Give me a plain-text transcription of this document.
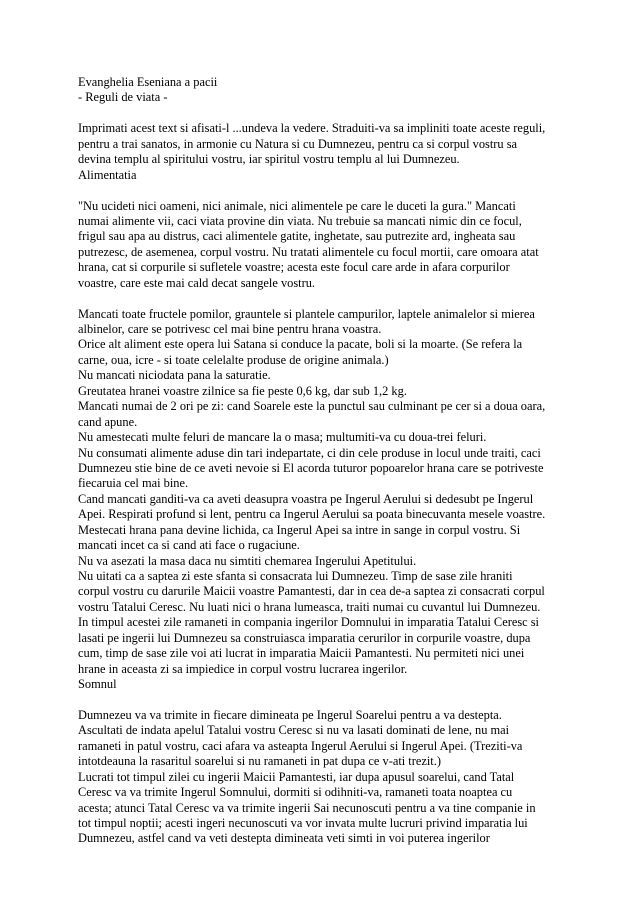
Evanghelia Eseniana a pacii
- Reguli de viata -
Imprimati acest text si afisati-l ...undeva la vedere. Straduiti-va sa impliniti toate aceste reguli,
pentru a trai sanatos, in armonie cu Natura si cu Dumnezeu, pentru ca si corpul vostru sa
devina templu al spiritului vostru, iar spiritul vostru templu al lui Dumnezeu.
Alimentatia
"Nu ucideti nici oameni, nici animale, nici alimentele pe care le duceti la gura." Mancati
numai alimente vii, caci viata provine din viata. Nu trebuie sa mancati nimic din ce focul,
frigul sau apa au distrus, caci alimentele gatite, inghetate, sau putrezite ard, ingheata sau
putrezesc, de asemenea, corpul vostru. Nu tratati alimentele cu focul mortii, care omoara atat
hrana, cat si corpurile si sufletele voastre; acesta este focul care arde in afara corpurilor
voastre, care este mai cald decat sangele vostru.
Mancati toate fructele pomilor, grauntele si plantele campurilor, laptele animalelor si mierea
albinelor, care se potrivesc cel mai bine pentru hrana voastra.
Orice alt aliment este opera lui Satana si conduce la pacate, boli si la moarte. (Se refera la
carne, oua, icre - si toate celelalte produse de origine animala.)
Nu mancati niciodata pana la saturatie.
Greutatea hranei voastre zilnice sa fie peste 0,6 kg, dar sub 1,2 kg.
Mancati numai de 2 ori pe zi: cand Soarele este la punctul sau culminant pe cer si a doua oara,
cand apune.
Nu amestecati multe feluri de mancare la o masa; multumiti-va cu doua-trei feluri.
Nu consumati alimente aduse din tari indepartate, ci din cele produse in locul unde traiti, caci
Dumnezeu stie bine de ce aveti nevoie si El acorda tuturor popoarelor hrana care se potriveste
fiecaruia cel mai bine.
Cand mancati ganditi-va ca aveti deasupra voastra pe Ingerul Aerului si dedesubt pe Ingerul
Apei. Respirati profund si lent, pentru ca Ingerul Aerului sa poata binecuvanta mesele voastre.
Mestecati hrana pana devine lichida, ca Ingerul Apei sa intre in sange in corpul vostru. Si
mancati incet ca si cand ati face o rugaciune.
Nu va asezati la masa daca nu simtiti chemarea Ingerului Apetitului.
Nu uitati ca a saptea zi este sfanta si consacrata lui Dumnezeu. Timp de sase zile hraniti
corpul vostru cu darurile Maicii voastre Pamantesti, dar in cea de-a saptea zi consacrati corpul
vostru Tatalui Ceresc. Nu luati nici o hrana lumeasca, traiti numai cu cuvantul lui Dumnezeu.
In timpul acestei zile ramaneti in compania ingerilor Domnului in imparatia Tatalui Ceresc si
lasati pe ingerii lui Dumnezeu sa construiasca imparatia cerurilor in corpurile voastre, dupa
cum, timp de sase zile voi ati lucrat in imparatia Maicii Pamantesti. Nu permiteti nici unei
hrane in aceasta zi sa impiedice in corpul vostru lucrarea ingerilor.
Somnul
Dumnezeu va va trimite in fiecare dimineata pe Ingerul Soarelui pentru a va destepta.
Ascultati de indata apelul Tatalui vostru Ceresc si nu va lasati dominati de lene, nu mai
ramaneti in patul vostru, caci afara va asteapta Ingerul Aerului si Ingerul Apei. (Treziti-va
intotdeauna la rasaritul soarelui si nu ramaneti in pat dupa ce v-ati trezit.)
Lucrati tot timpul zilei cu ingerii Maicii Pamantesti, iar dupa apusul soarelui, cand Tatal
Ceresc va va trimite Ingerul Somnului, dormiti si odihniti-va, ramaneti toata noaptea cu
acesta; atunci Tatal Ceresc va va trimite ingerii Sai necunoscuti pentru a va tine companie in
tot timpul noptii; acesti ingeri necunoscuti va vor invata multe lucruri privind imparatia lui
Dumnezeu, astfel cand va veti destepta dimineata veti simti in voi puterea ingerilor
